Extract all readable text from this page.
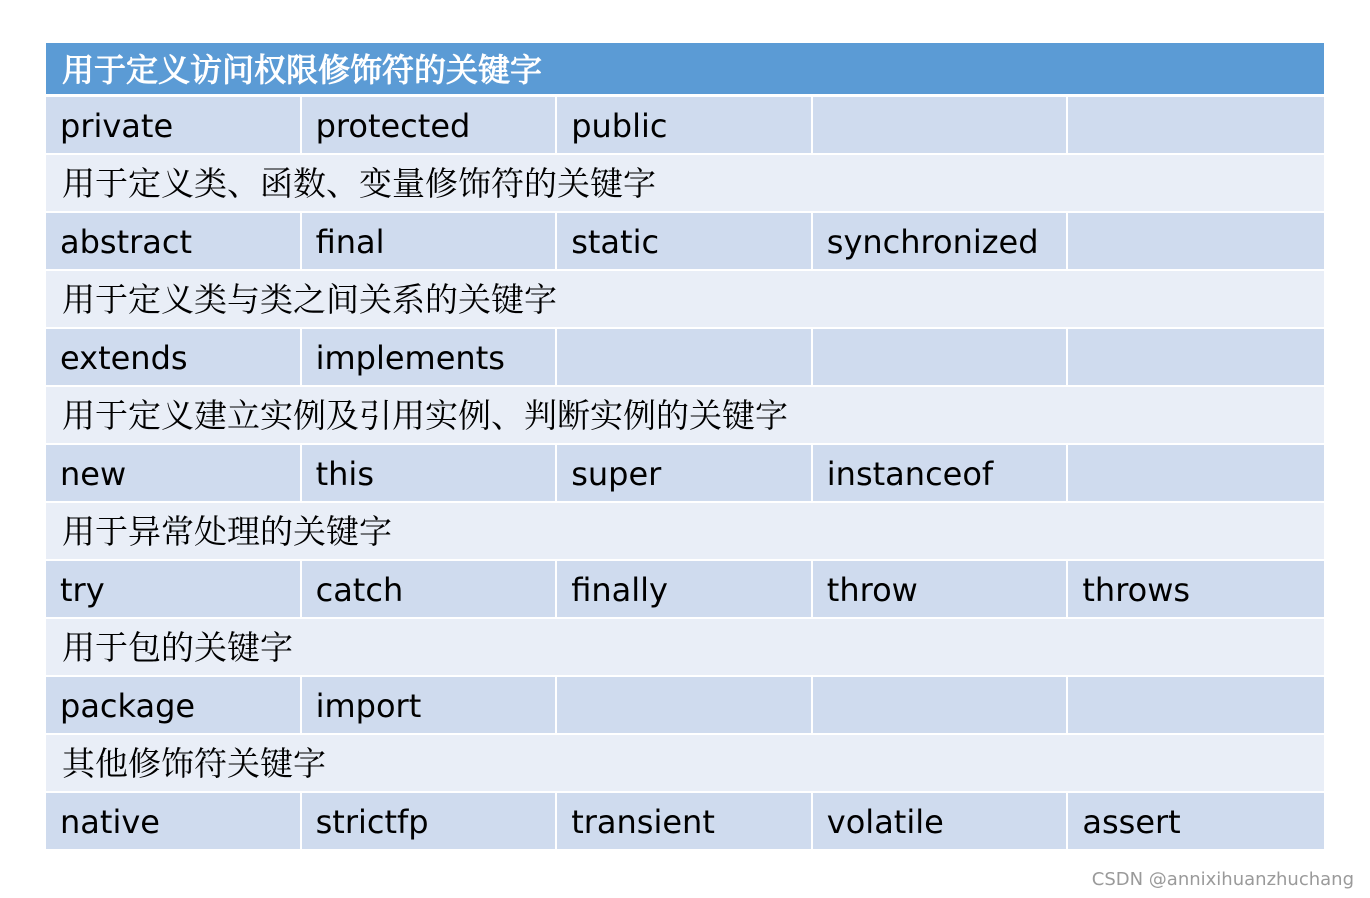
用于定义访问权限修饰符的关键字
private	protected	public
用于定义类、函数、变量修饰符的关键字
abstract	final	static	synchronized
用于定义类与类之间关系的关键字
extends	implements
用于定义建立实例及引用实例、判断实例的关键字
new	this	super	instanceof
用于异常处理的关键字
try	catch	finally	throw	throws
用于包的关键字
package	import
其他修饰符关键字
native	strictfp	transient	volatile	assert
CSDN @annixihuanzhuchang
